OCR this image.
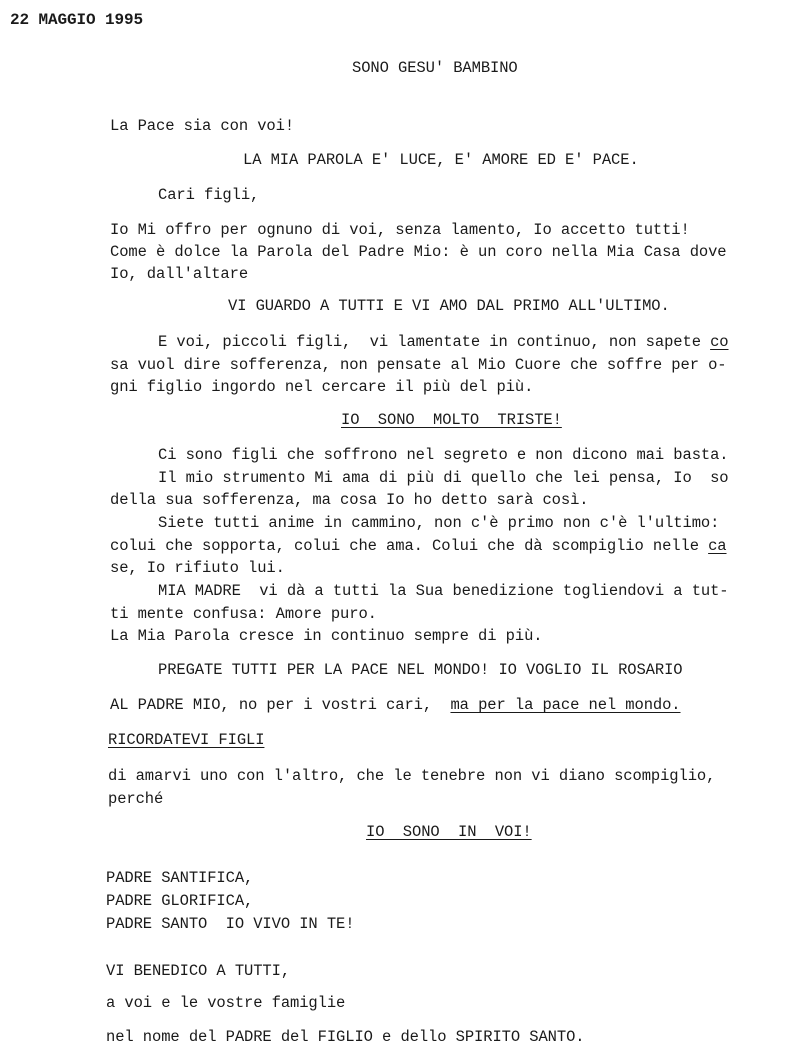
22 MAGGIO 1995
SONO GESU' BAMBINO
La Pace sia con voi!
LA MIA PAROLA E' LUCE, E' AMORE ED E' PACE.
Cari figli,
Io Mi offro per ognuno di voi, senza lamento, Io accetto tutti!
Come è dolce la Parola del Padre Mio: è un coro nella Mia Casa dove
Io, dall'altare
VI GUARDO A TUTTI E VI AMO DAL PRIMO ALL'ULTIMO.
E voi, piccoli figli,  vi lamentate in continuo, non sapete co
sa vuol dire sofferenza, non pensate al Mio Cuore che soffre per o-
gni figlio ingordo nel cercare il più del più.
IO  SONO  MOLTO  TRISTE!
Ci sono figli che soffrono nel segreto e non dicono mai basta.
Il mio strumento Mi ama di più di quello che lei pensa, Io  so
della sua sofferenza, ma cosa Io ho detto sarà così.
Siete tutti anime in cammino, non c'è primo non c'è l'ultimo:
colui che sopporta, colui che ama. Colui che dà scompiglio nelle ca
se, Io rifiuto lui.
MIA MADRE  vi dà a tutti la Sua benedizione togliendovi a tut-
ti mente confusa: Amore puro.
La Mia Parola cresce in continuo sempre di più.
PREGATE TUTTI PER LA PACE NEL MONDO! IO VOGLIO IL ROSARIO
AL PADRE MIO, no per i vostri cari,  ma per la pace nel mondo.
RICORDATEVI FIGLI
di amarvi uno con l'altro, che le tenebre non vi diano scompiglio,
perché
IO  SONO  IN  VOI!
PADRE SANTIFICA,
PADRE GLORIFICA,
PADRE SANTO  IO VIVO IN TE!
VI BENEDICO A TUTTI,
a voi e le vostre famiglie
nel nome del PADRE del FIGLIO e dello SPIRITO SANTO.
